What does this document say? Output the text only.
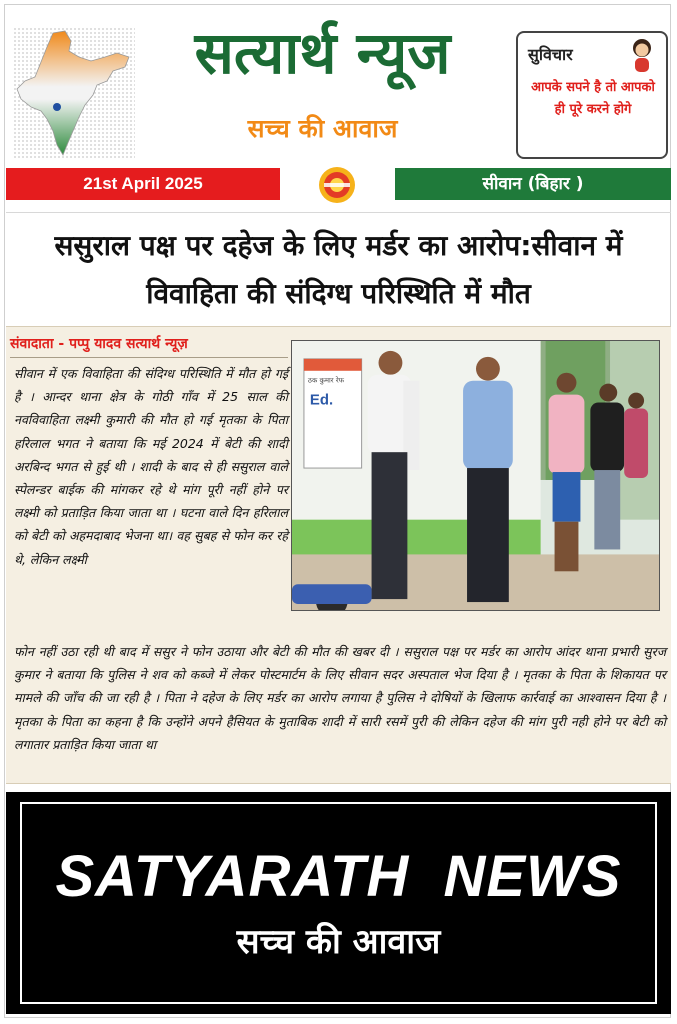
सुविचार
आपके सपने है तो आपको ही पूरे करने होगे
सत्यार्थ न्यूज
सच्च की आवाज
21st April 2025	सीवान (बिहार )
ससुराल पक्ष पर दहेज के लिए मर्डर का आरोप:सीवान में विवाहिता की संदिग्ध परिस्थिति में मौत
संवादाता - पप्पु यादव सत्यार्थ न्यूज़
सीवान में एक विवाहिता की संदिग्ध परिस्थिति में मौत हो गई है । आन्दर थाना क्षेत्र के गोठी गाँव में 25 साल की नवविवाहिता लक्ष्मी कुमारी की मौत हो गई मृतका के पिता हरिलाल भगत ने बताया कि मई 2024 में बेटी की शादी अरबिन्द भगत से हुई थी । शादी के बाद से ही ससुराल वाले स्पेलन्डर बाईक की मांगकर रहे थे मांग पूरी नहीं होने पर लक्ष्मी को प्रताड़ित किया जाता था । घटना वाले दिन हरिलाल को बेटी को अहमदाबाद भेजना था। वह सुबह से फोन कर रहे थे, लेकिन लक्ष्मी
ठक कुमार रेफ
Ed.
फोन नहीं उठा रही थी बाद में ससुर ने फोन उठाया और बेटी की मौत की खबर दी । ससुराल पक्ष पर मर्डर का आरोप आंदर थाना प्रभारी सुरज कुमार ने बताया कि पुलिस ने शव को कब्जे में लेकर पोस्टमार्टम के लिए सीवान सदर अस्पताल भेज दिया है । मृतका के पिता के शिकायत पर मामले की जाँच की जा रही है । पिता ने दहेज के लिए मर्डर का आरोप लगाया है पुलिस ने दोषियों के खिलाफ कार्रवाई का आश्वासन दिया है । मृतका के पिता का कहना है कि उन्होंने अपने हैसियत के मुताबिक शादी में सारी रसमें पुरी की लेकिन दहेज की मांग पुरी नही होने पर बेटी को लगातार प्रताड़ित किया जाता था
SATYARATH  NEWS
सच्च की आवाज
